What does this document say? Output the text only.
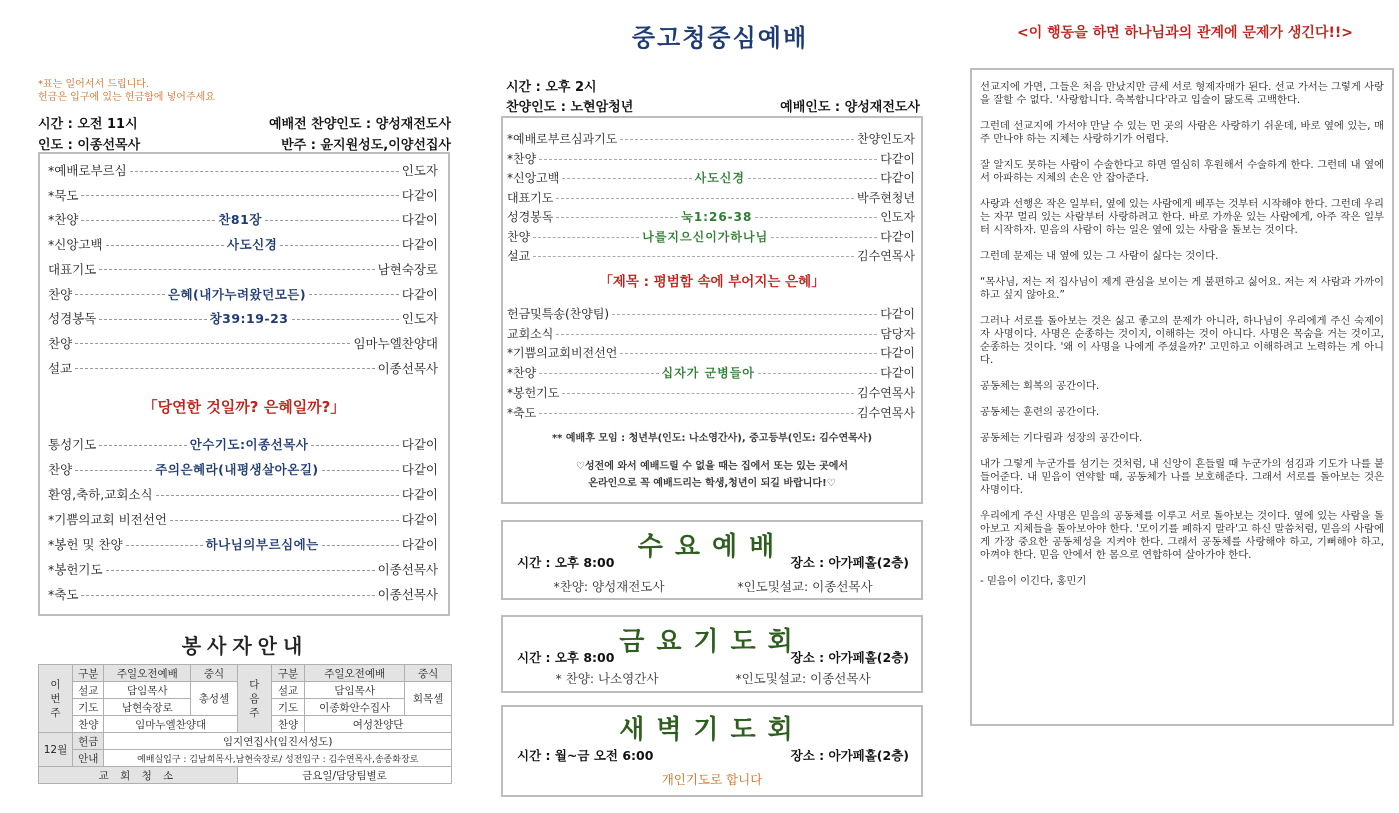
*표는 일어서서 드립니다.
헌금은 입구에 있는 헌금함에 넣어주세요
시간 : 오전 11시	예배전 찬양인도 : 양성재전도사
인도 : 이종선목사	반주 : 윤지원성도,이양선집사
「당연한 것일까? 은혜일까?」
*예배로부르심	인도자
*묵도	다같이
*찬양	찬81장	다같이
*신앙고백	사도신경	다같이
대표기도	남현숙장로
찬양	은혜(내가누려왔던모든)	다같이
성경봉독	창39:19-23	인도자
찬양	임마누엘찬양대
설교	이종선목사
통성기도	안수기도:이종선목사	다같이
찬양	주의은혜라(내평생살아온길)	다같이
환영,축하,교회소식	다같이
*기쁨의교회 비전선언	다같이
*봉헌 및 찬양	하나님의부르심에는	다같이
*봉헌기도	이종선목사
*축도	이종선목사
봉사자안내
이번주	구분	주일오전예배	중식	다음주	구분	주일오전예배	중식
	설교	담임목사	총성셀		설교	담임목사	회목셀
	기도	남현숙장로			기도	이종화안수집사	
	찬양	임마누엘찬양대			찬양	여성찬양단	
12월	헌금	임지연집사(임진서성도)					
	안내	예배실입구 : 김남희목사,남현숙장로/ 성전입구 : 김수연목사,송종화장로					
교 회 청 소				금요일/담당팀별로			
중고청중심예배
시간 : 오후 2시
찬양인도 : 노현암청년	예배인도 : 양성재전도사
「제목 : 평범함 속에 부어지는 은혜」
** 예배후 모임 : 청년부(인도: 나소영간사), 중고등부(인도: 김수연목사)
♡성전에 와서 예배드릴 수 없을 때는 집에서 또는 있는 곳에서
온라인으로 꼭 예배드리는 학생,청년이 되길 바랍니다!♡
*예배로부르심과기도	찬양인도자
*찬양	다같이
*신앙고백	사도신경	다같이
대표기도	박주현청년
성경봉독	눅1:26-38	인도자
찬양	나를지으신이가하나님	다같이
설교	김수연목사
헌금및특송(찬양팀)	다같이
교회소식	담당자
*기쁨의교회비전선언	다같이
*찬양	십자가 군병들아	다같이
*봉헌기도	김수연목사
*축도	김수연목사
수요예배
시간 : 오후 8:00	장소 : 아가페홀(2층)
*찬양: 양성재전도사	*인도및설교: 이종선목사
금요기도회
시간 : 오후 8:00	장소 : 아가페홀(2층)
* 찬양: 나소영간사	*인도및설교: 이종선목사
새벽기도회
시간 : 월~금 오전 6:00	장소 : 아가페홀(2층)
개인기도로 합니다
<이 행동을 하면 하나님과의 관계에 문제가 생긴다!!>

선교지에 가면, 그들은 처음 만났지만 금세 서로 형제자매가 된다. 선교 가서는 그렇게 사랑을 잘할 수 없다. '사랑합니다. 축복합니다'라고 입술이 닳도록 고백한다.

그런데 선교지에 가서야 만날 수 있는 먼 곳의 사람은 사랑하기 쉬운데, 바로 옆에 있는, 매주 만나야 하는 지체는 사랑하기가 어렵다.

잘 알지도 못하는 사람이 수술한다고 하면 열심히 후원해서 수술하게 한다. 그런데 내 옆에서 아파하는 지체의 손은 안 잡아준다.

사랑과 선행은 작은 일부터, 옆에 있는 사람에게 베푸는 것부터 시작해야 한다. 그런데 우리는 자꾸 멀리 있는 사람부터 사랑하려고 한다. 바로 가까운 있는 사람에게, 아주 작은 일부터 시작하자. 믿음의 사람이 하는 일은 옆에 있는 사람을 돌보는 것이다.

그런데 문제는 내 옆에 있는 그 사람이 싫다는 것이다.

“목사님, 저는 저 집사님이 제게 관심을 보이는 게 불편하고 싫어요. 저는 저 사람과 가까이하고 싶지 않아요.”

그러나 서로를 돌아보는 것은 싫고 좋고의 문제가 아니라, 하나님이 우리에게 주신 숙제이자 사명이다. 사명은 순종하는 것이지, 이해하는 것이 아니다. 사명은 목숨을 거는 것이고, 순종하는 것이다. '왜 이 사명을 나에게 주셨을까?' 고민하고 이해하려고 노력하는 게 아니다.

공동체는 회복의 공간이다.

공동체는 훈련의 공간이다.

공동체는 기다림과 성장의 공간이다.

내가 그렇게 누군가를 섬기는 것처럼, 내 신앙이 흔들릴 때 누군가의 섬김과 기도가 나를 붙들어준다. 내 믿음이 연약할 때, 공동체가 나를 보호해준다. 그래서 서로를 돌아보는 것은 사명이다.

우리에게 주신 사명은 믿음의 공동체를 이루고 서로 돌아보는 것이다. 옆에 있는 사람을 돌아보고 지체들을 돌아보아야 한다. '모이기를 폐하지 말라'고 하신 말씀처럼, 믿음의 사람에게 가장 중요한 공동체성을 지켜야 한다. 그래서 공동체를 사랑해야 하고, 기뻐해야 하고, 아껴야 한다. 믿음 안에서 한 몸으로 연합하여 살아가야 한다.

- 믿음이 이긴다, 홍민기
